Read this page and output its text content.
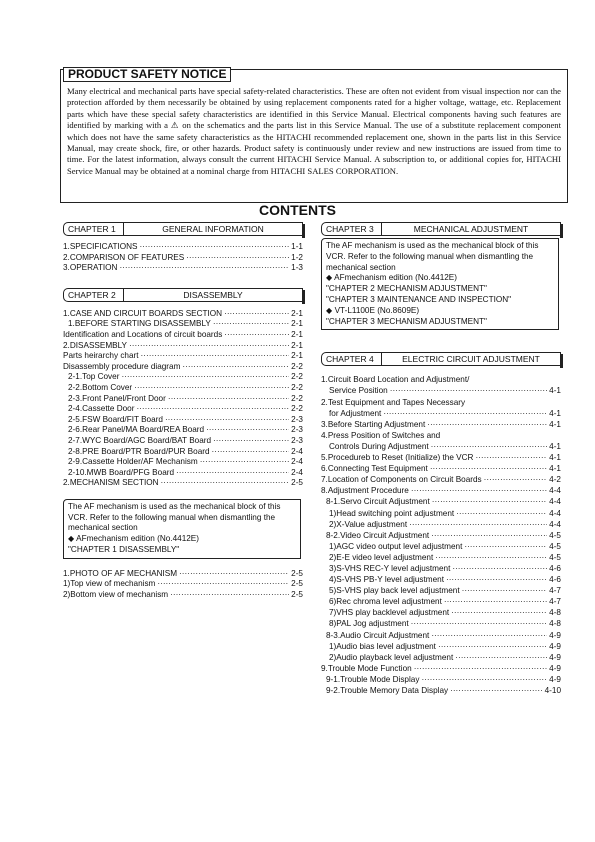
PRODUCT SAFETY NOTICE
Many electrical and mechanical parts have special safety-related characteristics. These are often not evident from visual inspection nor can the protection afforded by them necessarily be obtained by using replacement components rated for a higher voltage, wattage, etc. Replacement parts which have these special safety characteristics are identified in this Service Manual. Electrical components having such features are identified by marking with a ⚠ on the schematics and the parts list in this Service Manual. The use of a substitute replacement component which does not have the same safety characteristics as the HITACHI recommended replacement one, shown in the parts list in this Service Manual, may create shock, fire, or other hazards. Product safety is continuously under review and new instructions are issued from time to time. For the latest information, always consult the current HITACHI Service Manual. A subscription to, or additional copies for, HITACHI Service Manual may be obtained at a nominal charge from HITACHI SALES CORPORATION.
CONTENTS
CHAPTER 1	GENERAL INFORMATION
1.SPECIFICATIONS ·····	1-1
2.COMPARISON OF FEATURES ·····	1-2
3.OPERATION ·····	1-3
CHAPTER 2	DISASSEMBLY
1.CASE AND CIRCUIT BOARDS SECTION ·····	2-1
1.BEFORE STARTING DISASSEMBLY ·····	2-1
Identification and Locations of circuit boards ·····	2-1
2.DISASSEMBLY ·····	2-1
Parts heirarchy chart ·····	2-1
Disassembly procedure diagram ·····	2-2
2-1.Top Cover ·····	2-2
2-2.Bottom Cover ·····	2-2
2-3.Front Panel/Front Door ·····	2-2
2-4.Cassette Door ·····	2-2
2-5.FSW Board/FIT Board ·····	2-3
2-6.Rear Panel/MA Board/REA Board ·····	2-3
2-7.WYC Board/AGC Board/BAT Board ·····	2-3
2-8.PRE Board/PTR Board/PUR Board ·····	2-4
2-9.Cassette Holder/AF Mechanism ·····	2-4
2-10.MWB Board/PFG Board ·····	2-4
2.MECHANISM SECTION ·····	2-5

The AF mechanism is used as the mechanical block of this VCR. Refer to the following manual when dismantling the mechanical section

◆ AFmechanism edition (No.4412E)

"CHAPTER 1 DISASSEMBLY"

1.PHOTO OF AF MECHANISM ·····	2-5
1)Top view of mechanism ·····	2-5
2)Bottom view of mechanism ·····	2-5
CHAPTER 3	MECHANICAL ADJUSTMENT

The AF mechanism is used as the mechanical block of this VCR. Refer to the following manual when dismantling the mechanical section

◆ AFmechanism edition (No.4412E)

"CHAPTER 2 MECHANISM ADJUSTMENT"

"CHAPTER 3 MAINTENANCE AND INSPECTION"

◆ VT-L1100E (No.8609E)

"CHAPTER 3 MECHANISM ADJUSTMENT"

CHAPTER 4	ELECTRIC CIRCUIT ADJUSTMENT
1.Circuit Board Location and Adjustment/
Service Position ·····	4-1
2.Test Equipment and Tapes Necessary
for Adjustment ·····	4-1
3.Before Starting Adjustment ·····	4-1
4.Press Position of Switches and
Controls During Adjustment ·····	4-1
5.Procedureb to Reset (Initialize) the VCR ·····	4-1
6.Connecting Test Equipment ·····	4-1
7.Location of Components on Circuit Boards ·····	4-2
8.Adjustment Procedure ·····	4-4
8-1.Servo Circuit Adjustment ·····	4-4
1)Head switching point adjustment ·····	4-4
2)X-Value adjustment ·····	4-4
8-2.Video Circuit Adjustment ·····	4-5
1)AGC video output level adjustment ·····	4-5
2)E-E video level adjustment ·····	4-5
3)S-VHS REC-Y level adjustment ·····	4-6
4)S-VHS PB-Y level adjustment ·····	4-6
5)S-VHS play back level adjustment ·····	4-7
6)Rec chroma level adjustment ·····	4-7
7)VHS play backlevel adjustment ·····	4-8
8)PAL Jog adjustment ·····	4-8
8-3.Audio Circuit Adjustment ·····	4-9
1)Audio bias level adjustment ·····	4-9
2)Audio playback level adjustment ·····	4-9
9.Trouble Mode Function ·····	4-9
9-1.Trouble Mode Display ·····	4-9
9-2.Trouble Memory Data Display ·····	4-10
